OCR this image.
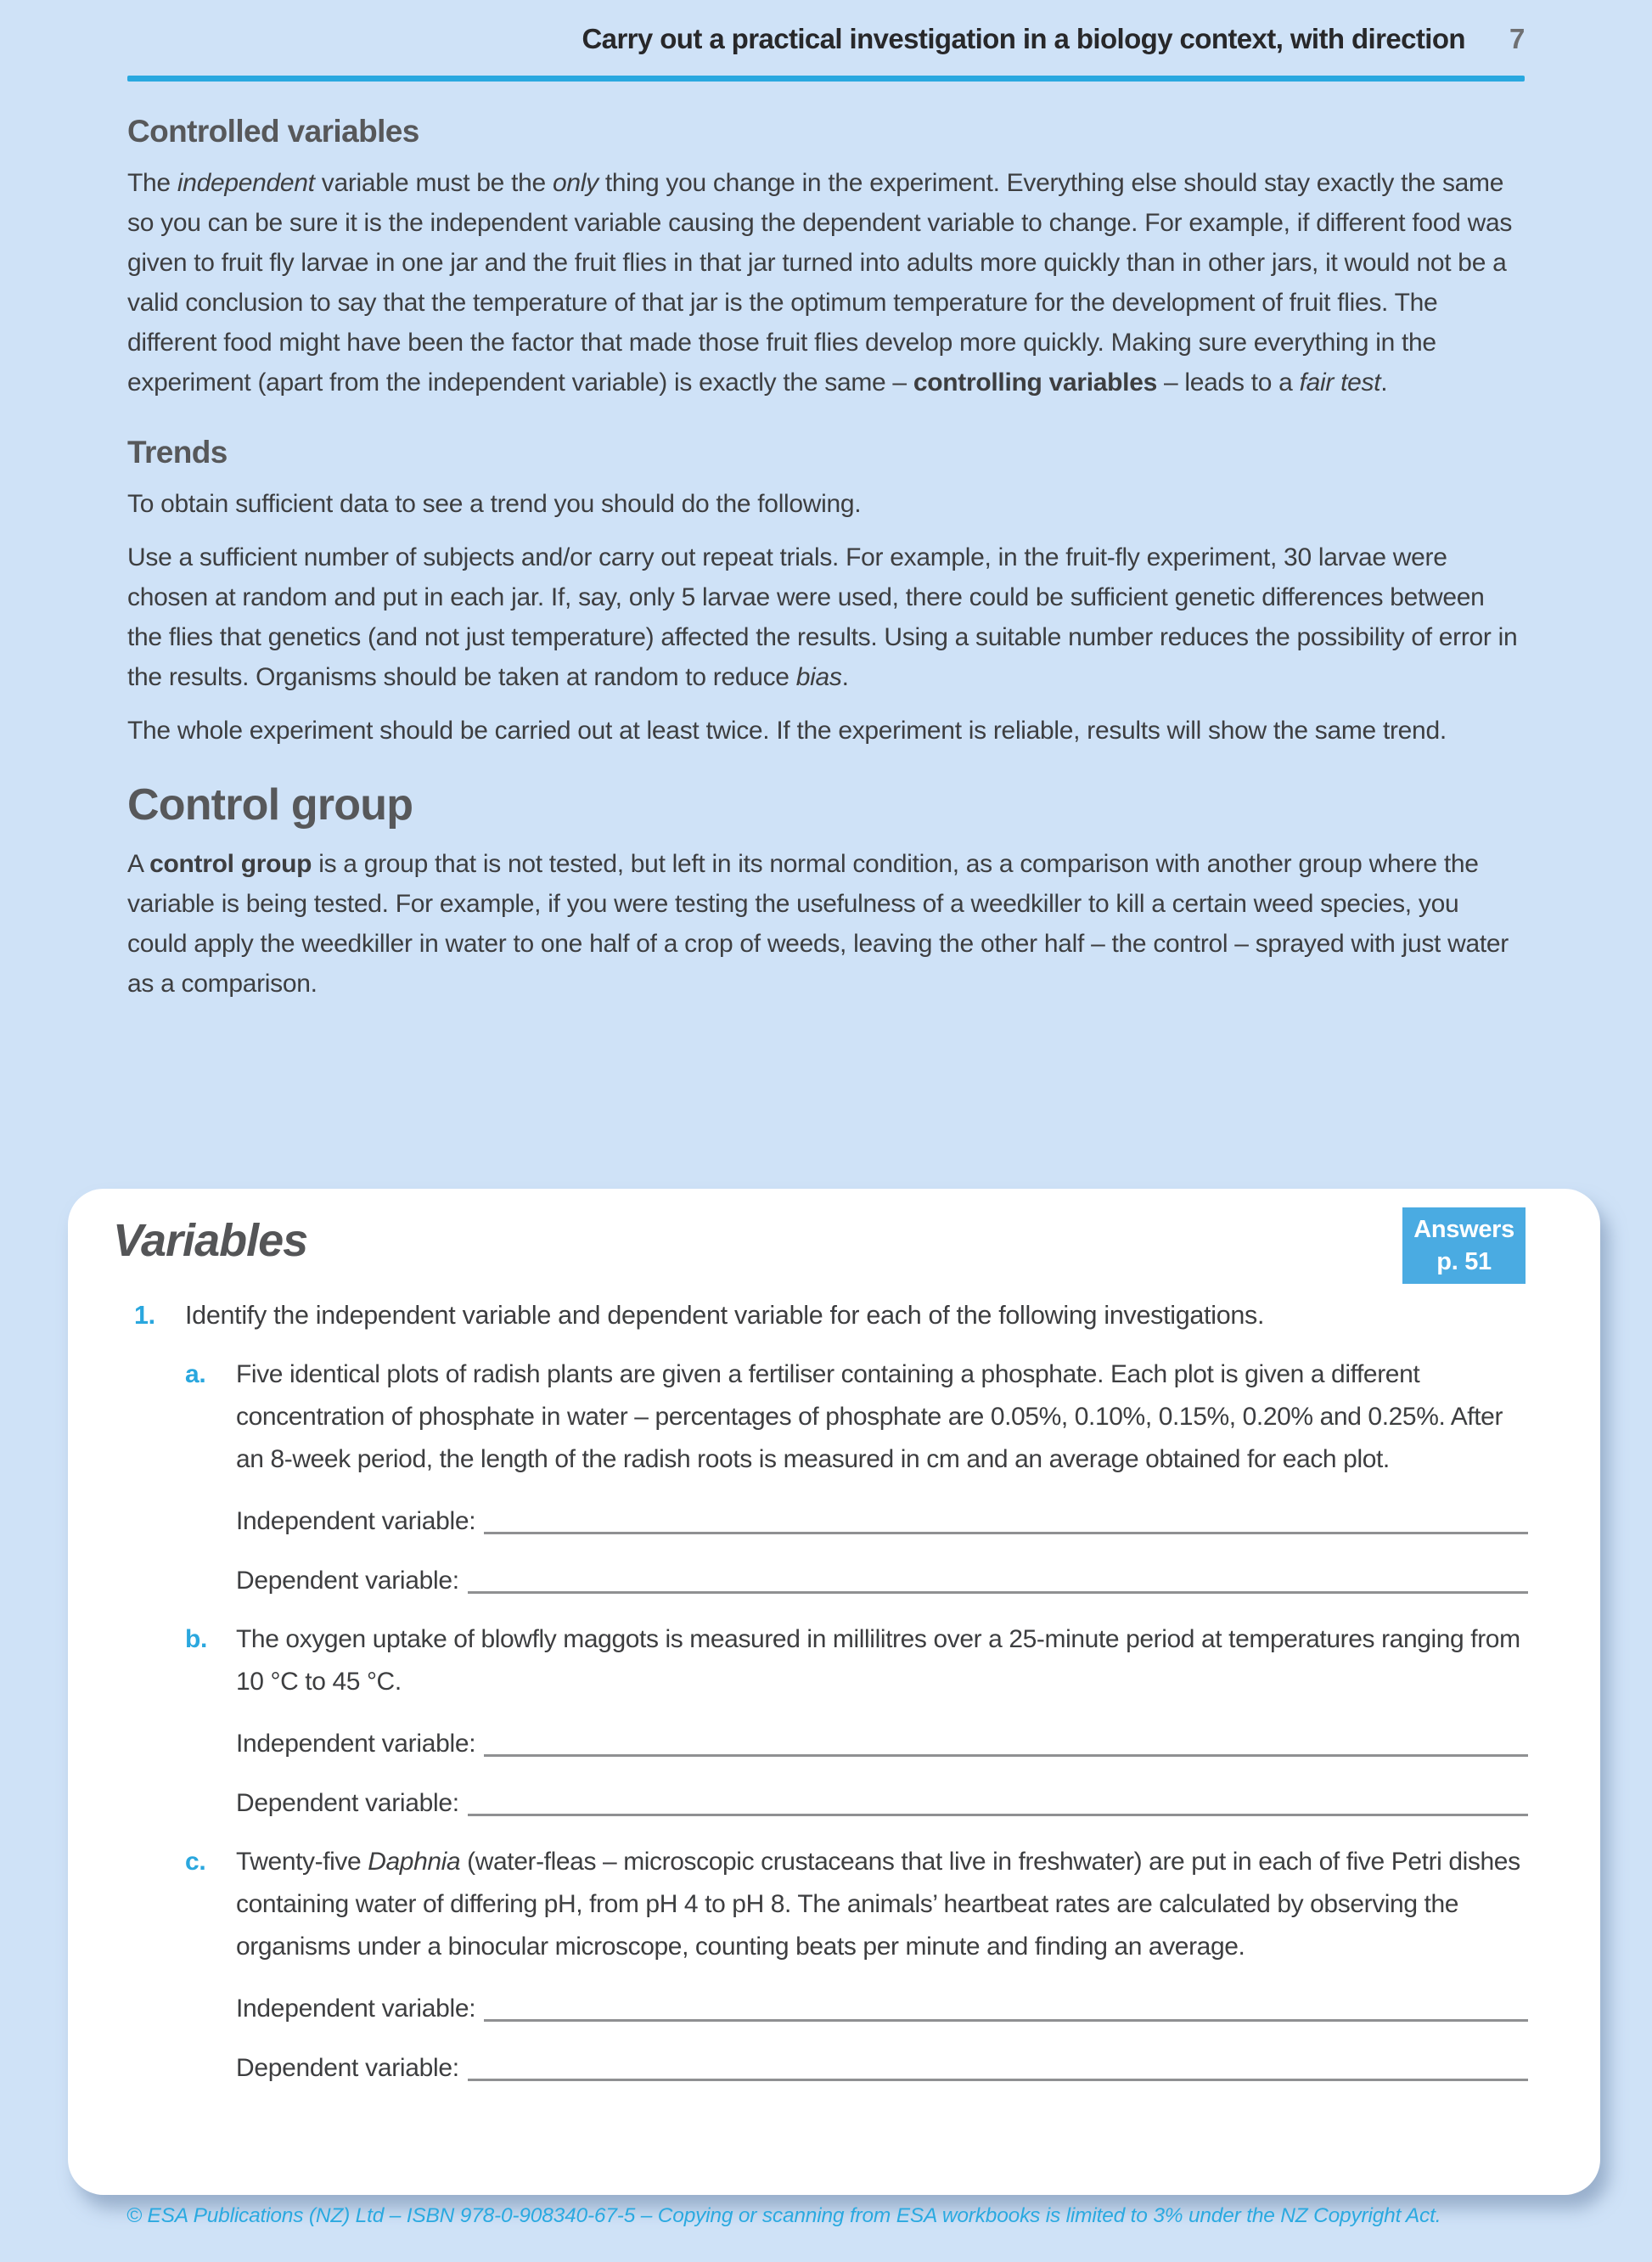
Carry out a practical investigation in a biology context, with direction 7
Controlled variables

The independent variable must be the only thing you change in the experiment. Everything else should stay exactly the same so you can be sure it is the independent variable causing the dependent variable to change. For example, if different food was given to fruit fly larvae in one jar and the fruit flies in that jar turned into adults more quickly than in other jars, it would not be a valid conclusion to say that the temperature of that jar is the optimum temperature for the development of fruit flies. The different food might have been the factor that made those fruit flies develop more quickly. Making sure everything in the experiment (apart from the independent variable) is exactly the same – controlling variables – leads to a fair test.

Trends

To obtain sufficient data to see a trend you should do the following.

Use a sufficient number of subjects and/or carry out repeat trials. For example, in the fruit-fly experiment, 30 larvae were chosen at random and put in each jar. If, say, only 5 larvae were used, there could be sufficient genetic differences between the flies that genetics (and not just temperature) affected the results. Using a suitable number reduces the possibility of error in the results. Organisms should be taken at random to reduce bias.

The whole experiment should be carried out at least twice. If the experiment is reliable, results will show the same trend.

Control group

A control group is a group that is not tested, but left in its normal condition, as a comparison with another group where the variable is being tested. For example, if you were testing the usefulness of a weedkiller to kill a certain weed species, you could apply the weedkiller in water to one half of a crop of weeds, leaving the other half – the control – sprayed with just water as a comparison.

Variables	Answers
p. 51
1.	Identify the independent variable and dependent variable for each of the following investigations.
a.	Five identical plots of radish plants are given a fertiliser containing a phosphate. Each plot is given a different concentration of phosphate in water – percentages of phosphate are 0.05%, 0.10%, 0.15%, 0.20% and 0.25%. After an 8-week period, the length of the radish roots is measured in cm and an average obtained for each plot.

Independent variable:
Dependent variable:
b.	The oxygen uptake of blowfly maggots is measured in millilitres over a 25-minute period at temperatures ranging from 10 °C to 45 °C.

Independent variable:
Dependent variable:
c.	Twenty-five Daphnia (water-fleas – microscopic crustaceans that live in freshwater) are put in each of five Petri dishes containing water of differing pH, from pH 4 to pH 8. The animals’ heartbeat rates are calculated by observing the organisms under a binocular microscope, counting beats per minute and finding an average.

Independent variable:
Dependent variable:
© ESA Publications (NZ) Ltd – ISBN 978-0-908340-67-5 – Copying or scanning from ESA workbooks is limited to 3% under the NZ Copyright Act.
